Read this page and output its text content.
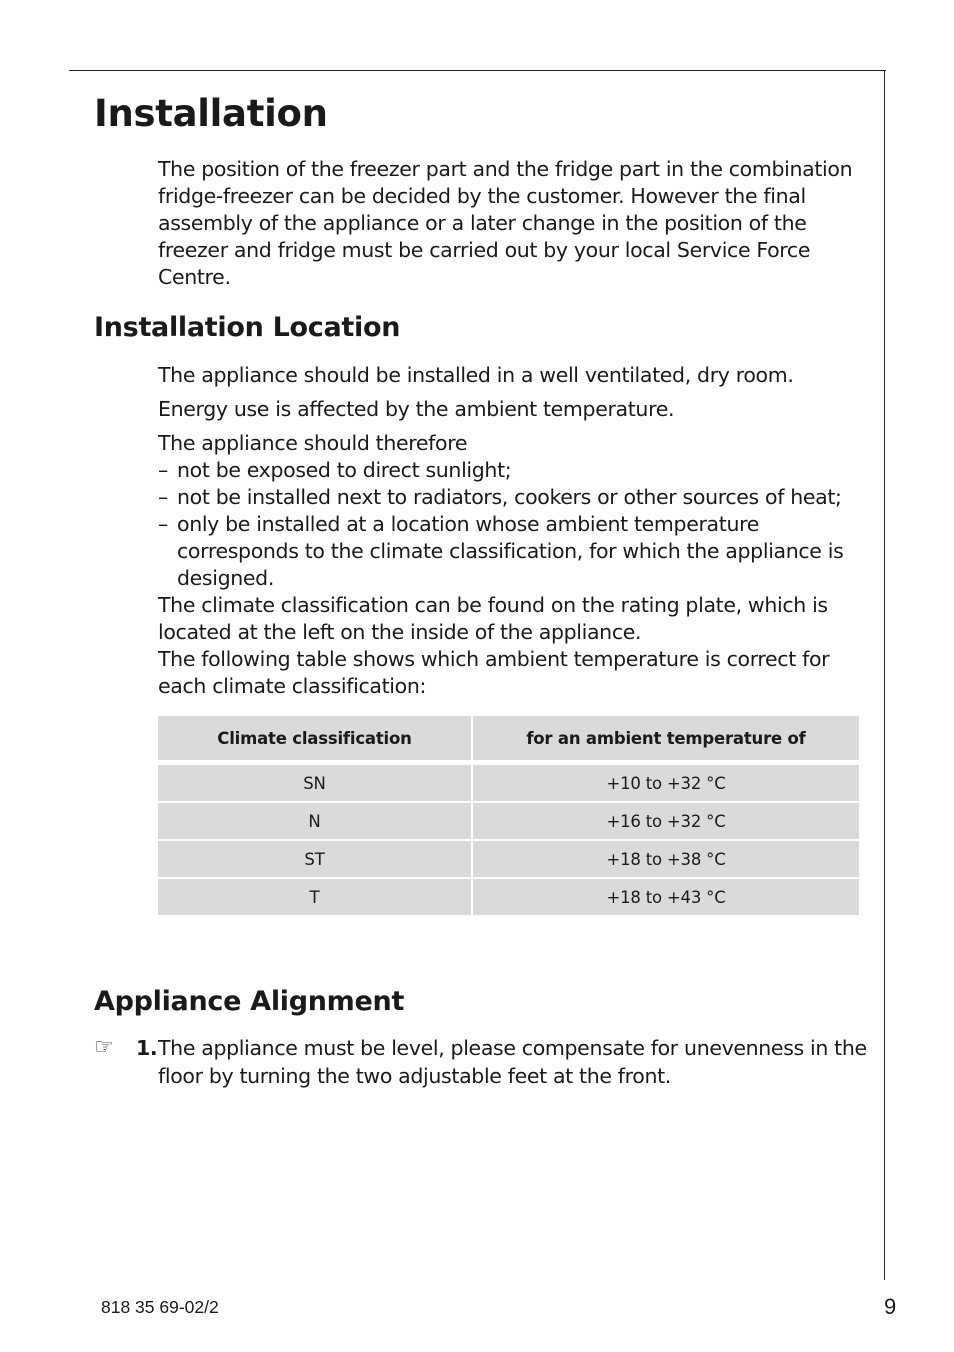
Installation

The position of the freezer part and the fridge part in the combination fridge-freezer can be decided by the customer. However the final assembly of the appliance or a later change in the position of the freezer and fridge must be carried out by your local Service Force Centre.

Installation Location

The appliance should be installed in a well ventilated, dry room.

Energy use is affected by the ambient temperature.

The appliance should therefore

– not be exposed to direct sunlight;
– not be installed next to radiators, cookers or other sources of heat;
– only be installed at a location whose ambient temperature corresponds to the climate classification, for which the appliance is designed.

The climate classification can be found on the rating plate, which is located at the left on the inside of the appliance.

The following table shows which ambient temperature is correct for each climate classification:

Climate classification	for an ambient temperature of
SN	+10 to +32 °C
N	+16 to +32 °C
ST	+18 to +38 °C
T	+18 to +43 °C
Appliance Alignment
☞ 1. The appliance must be level, please compensate for unevenness in the floor by turning the two adjustable feet at the front.
818 35 69-02/2	9
